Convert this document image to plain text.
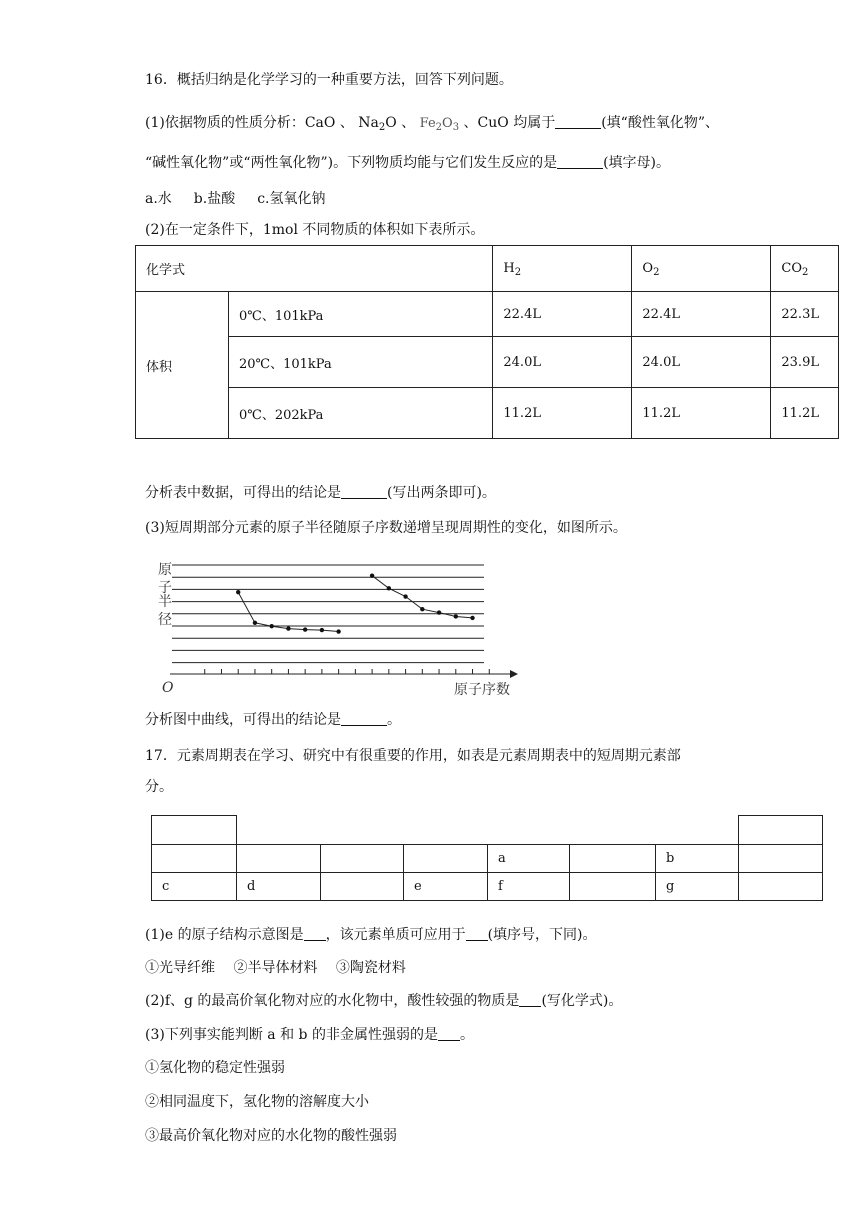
16．概括归纳是化学学习的一种重要方法，回答下列问题。
(1)依据物质的性质分析：CaO 、 $Na_2O$ 、 $Fe_2O_3$ 、CuO 均属于	(填“酸性氧化物”、
“碱性氧化物”或“两性氧化物”)。下列物质均能与它们发生反应的是	(填字母)。
a.水 b.盐酸 c.氢氧化钠
(2)在一定条件下，1mol 不同物质的体积如下表所示。
化学式		$H_2$	$O_2$	$CO_2$
体积	0℃、101kPa	22.4L	22.4L	22.3L
	20℃、101kPa	24.0L	24.0L	23.9L
	0℃、202kPa	11.2L	11.2L	11.2L
分析表中数据，可得出的结论是	(写出两条即可)。
(3)短周期部分元素的原子半径随原子序数递增呈现周期性的变化，如图所示。
原
子
半
径
O	原子序数
分析图中曲线，可得出的结论是	。
17．元素周期表在学习、研究中有很重要的作用，如表是元素周期表中的短周期元素部
分。

				a		b	
c	d		e	f		g	
(1)e 的原子结构示意图是 ，该元素单质可应用于 (填序号，下同)。
①光导纤维　 ②半导体材料　 ③陶瓷材料
(2)f、g 的最高价氧化物对应的水化物中，酸性较强的物质是 (写化学式)。
(3)下列事实能判断 a 和 b 的非金属性强弱的是 。
①氢化物的稳定性强弱
②相同温度下，氢化物的溶解度大小
③最高价氧化物对应的水化物的酸性强弱
